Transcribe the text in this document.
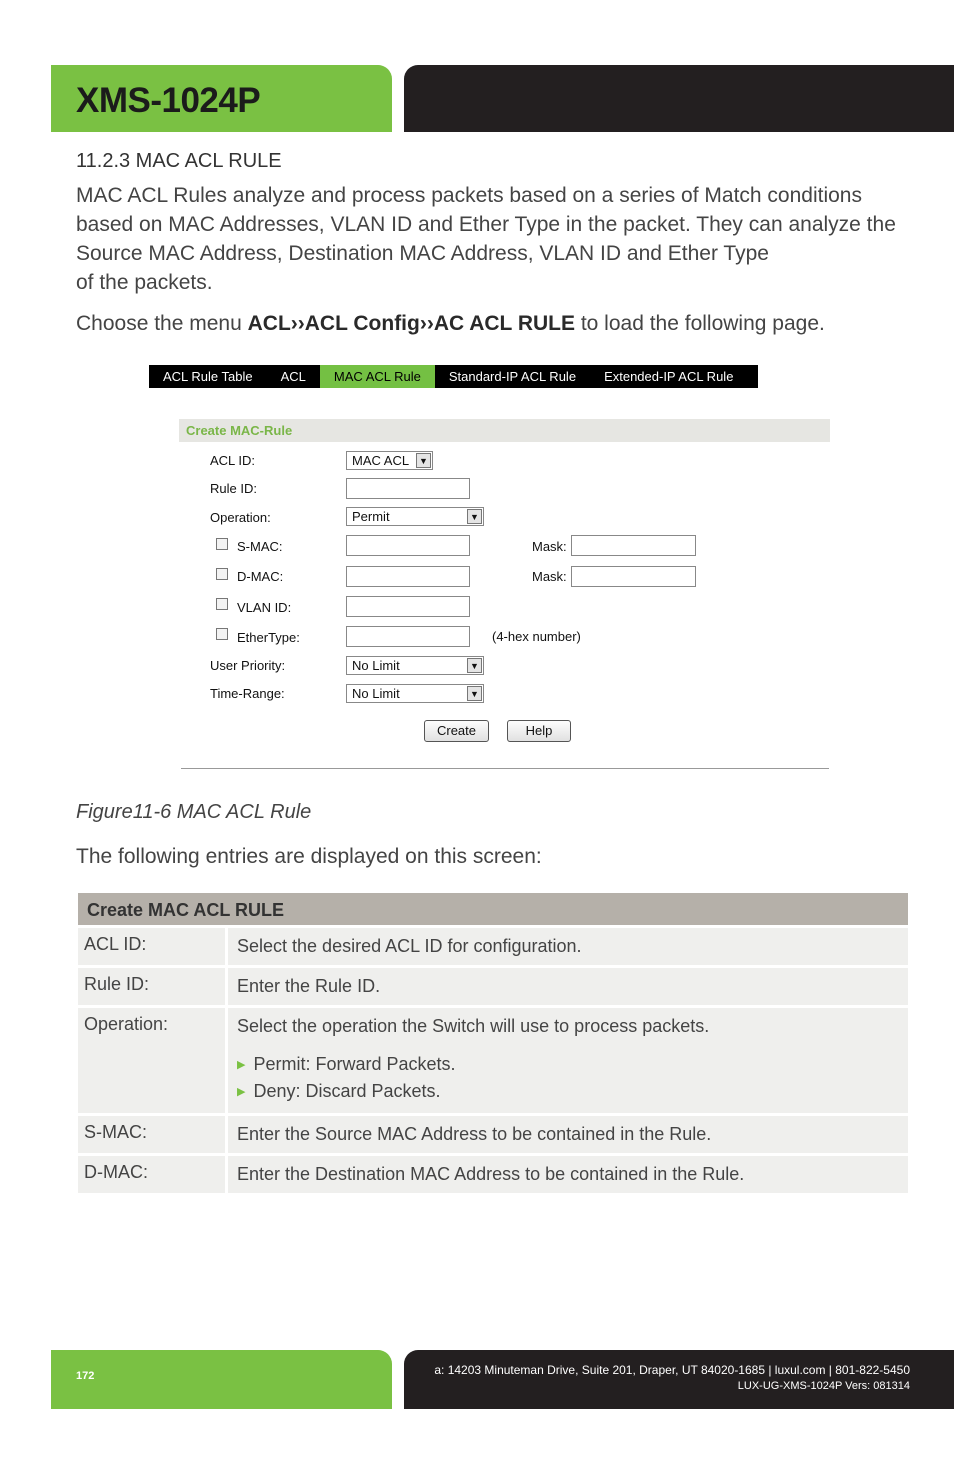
XMS-1024P
11.2.3 MAC ACL RULE
MAC ACL Rules analyze and process packets based on a series of Match conditions
based on MAC Addresses, VLAN ID and Ether Type in the packet. They can analyze the
Source MAC Address, Destination MAC Address, VLAN ID and Ether Type
of the packets.
Choose the menu ACL››ACL Config››AC ACL RULE to load the following page.
ACL Rule Table	ACL	MAC ACL Rule	Standard-IP ACL Rule	Extended-IP ACL Rule
Create MAC-Rule
ACL ID:	MAC ACL	▼
Rule ID:
Operation:	Permit	▼
S-MAC:	Mask:
D-MAC:	Mask:
VLAN ID:
EtherType:	(4-hex number)
User Priority:	No Limit	▼
Time-Range:	No Limit	▼
Create	Help
Figure11-6 MAC ACL Rule
The following entries are displayed on this screen:
Create MAC ACL RULE
ACL ID:	Select the desired ACL ID for configuration.
Rule ID:	Enter the Rule ID.
Operation:	Select the operation the Switch will use to process packets.
▶ Permit: Forward Packets.
▶ Deny: Discard Packets.
S-MAC:	Enter the Source MAC Address to be contained in the Rule.
D-MAC:	Enter the Destination MAC Address to be contained in the Rule.
172	a: 14203 Minuteman Drive, Suite 201, Draper, UT 84020-1685 | luxul.com | 801-822-5450
LUX-UG-XMS-1024P Vers: 081314
